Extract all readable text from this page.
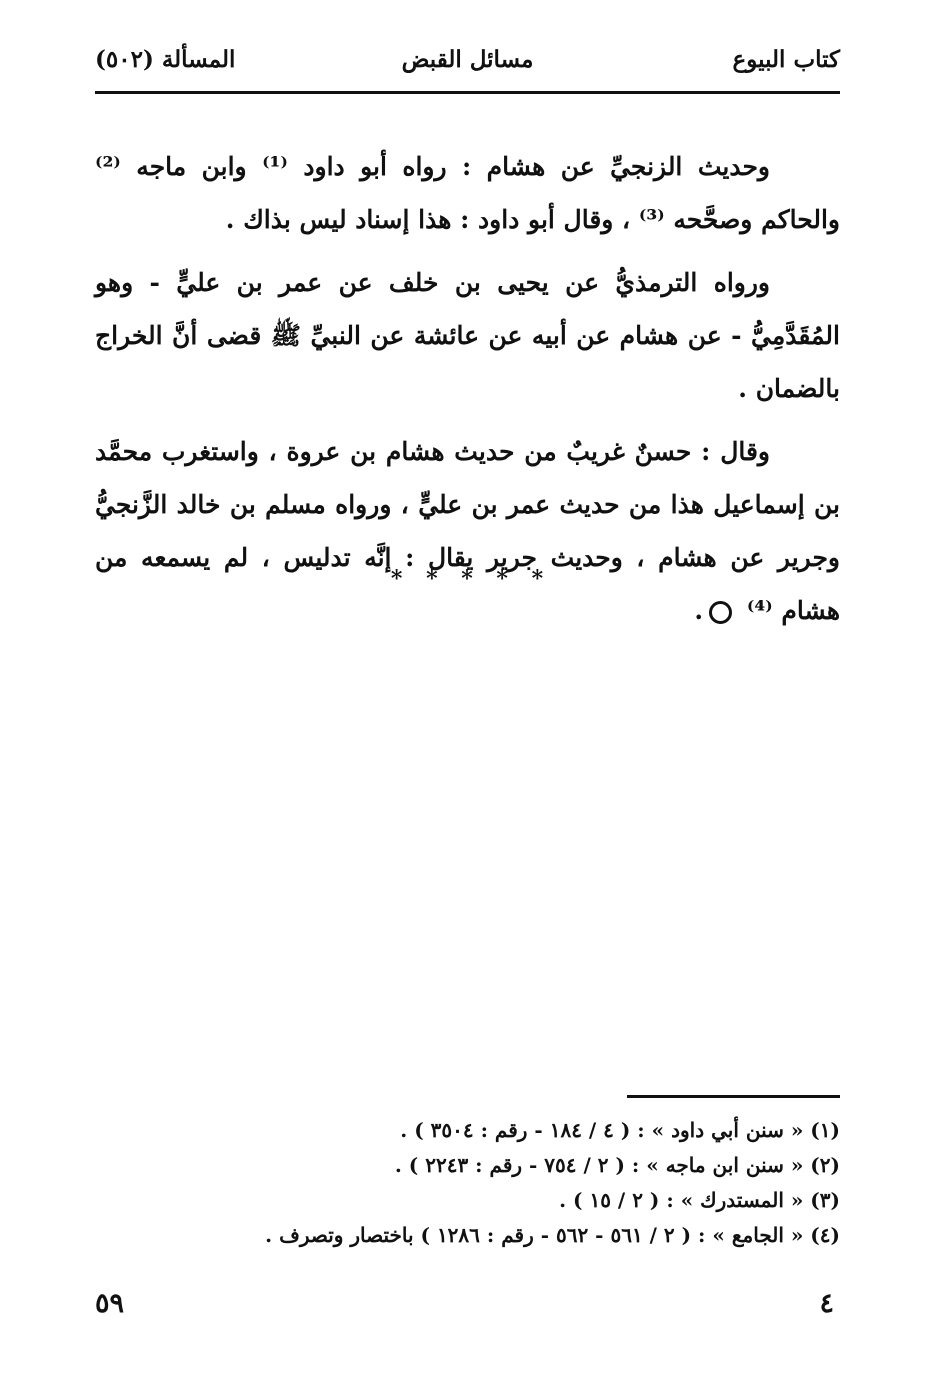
كتاب البيوع
مسائل القبض
المسألة (٥٠٢)

وحديث الزنجيِّ عن هشام : رواه أبو داود ⁽¹⁾ وابن ماجه ⁽²⁾ والحاكم وصحَّحه ⁽³⁾ ، وقال أبو داود : هذا إسناد ليس بذاك .

ورواه الترمذيُّ عن يحيى بن خلف عن عمر بن عليٍّ - وهو المُقَدَّمِيُّ - عن هشام عن أبيه عن عائشة عن النبيِّ ﷺ قضى أنَّ الخراج بالضمان .

وقال : حسنٌ غريبٌ من حديث هشام بن عروة ، واستغرب محمَّد بن إسماعيل هذا من حديث عمر بن عليٍّ ، ورواه مسلم بن خالد الزَّنجيُّ وجرير عن هشام ، وحديث جرير يقال : إنَّه تدليس ، لم يسمعه من هشام ⁽⁴⁾ .

* * * * *
(١) « سنن أبي داود » : ( ٤ / ١٨٤ - رقم : ٣٥٠٤ ) .
(٢) « سنن ابن ماجه » : ( ٢ / ٧٥٤ - رقم : ٢٢٤٣ ) .
(٣) « المستدرك » : ( ٢ / ١٥ ) .
(٤) « الجامع » : ( ٢ / ٥٦١ - ٥٦٢ - رقم : ١٢٨٦ ) باختصار وتصرف .
٤
٥٩
